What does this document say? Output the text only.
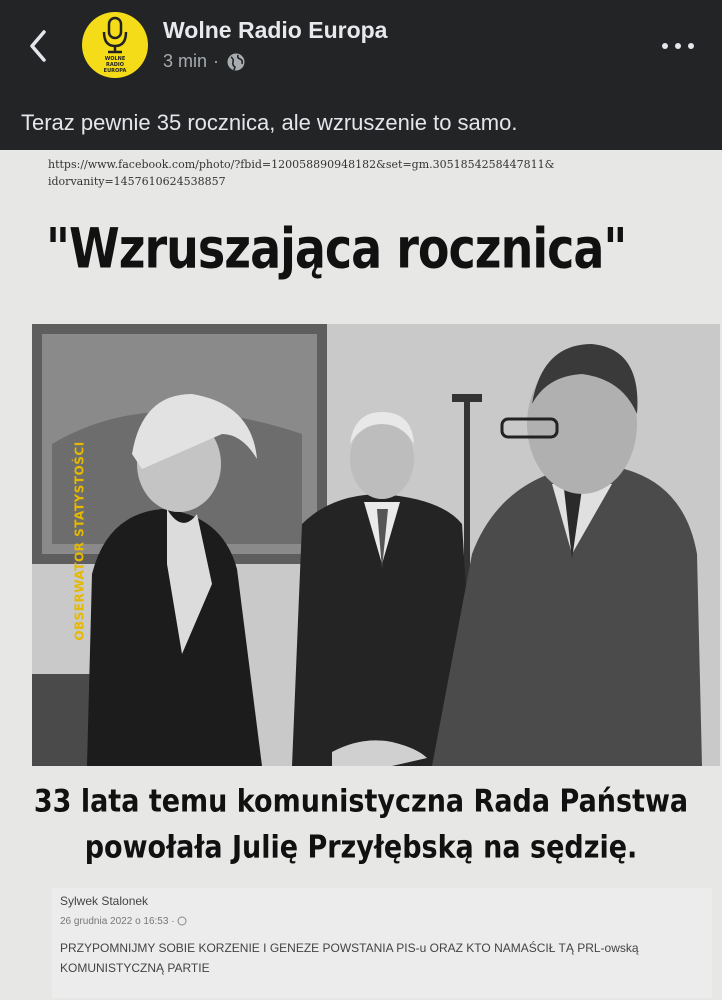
WOLNE
RADIO
EUROPA
Wolne Radio Europa
3 min ·
Teraz pewnie 35 rocznica, ale wzruszenie to samo.
https://www.facebook.com/photo/?fbid=120058890948182&set=gm.3051854258447811&
idorvanity=1457610624538857
"Wzruszająca rocznica"
OBSERWATOR STATYSTOŚCI
33 lata temu komunistyczna Rada Państwa
powołała Julię Przyłębską na sędzię.
Sylwek Stalonek
26 grudnia 2022 o 16:53 ·
PRZYPOMNIJMY SOBIE KORZENIE I GENEZE POWSTANIA PIS-u ORAZ KTO NAMAŚCIŁ TĄ PRL-owską KOMUNISTYCZNĄ PARTIE
